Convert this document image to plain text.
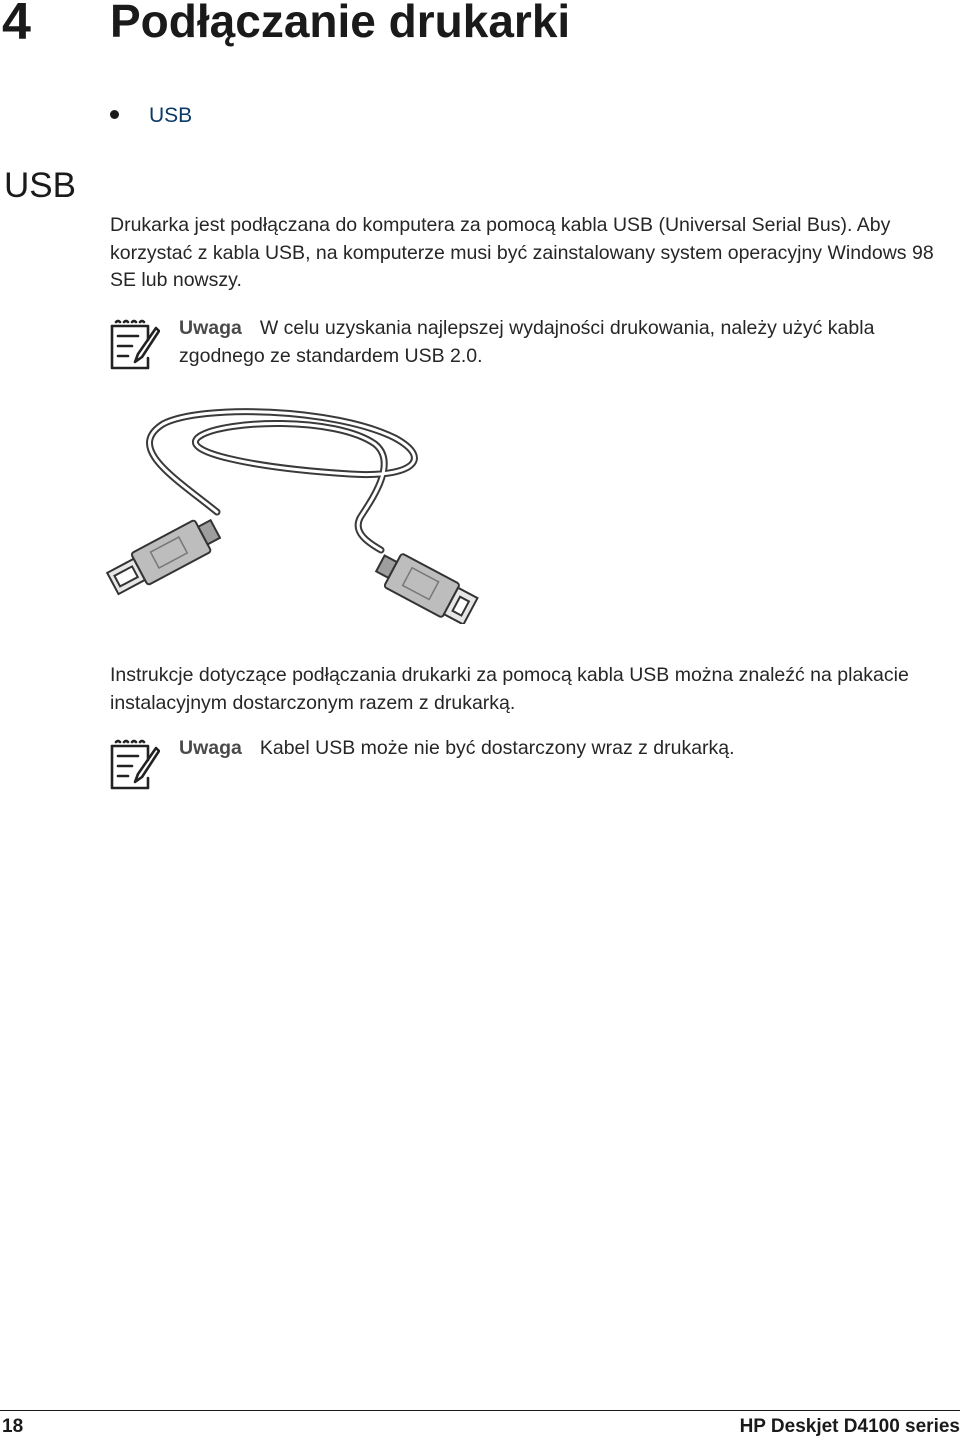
4 Podłączanie drukarki
USB
USB
Drukarka jest podłączana do komputera za pomocą kabla USB (Universal Serial Bus). Aby korzystać z kabla USB, na komputerze musi być zainstalowany system operacyjny Windows 98 SE lub nowszy.
Uwaga W celu uzyskania najlepszej wydajności drukowania, należy użyć kabla zgodnego ze standardem USB 2.0.
Instrukcje dotyczące podłączania drukarki za pomocą kabla USB można znaleźć na plakacie instalacyjnym dostarczonym razem z drukarką.
Uwaga Kabel USB może nie być dostarczony wraz z drukarką.
18	HP Deskjet D4100 series
